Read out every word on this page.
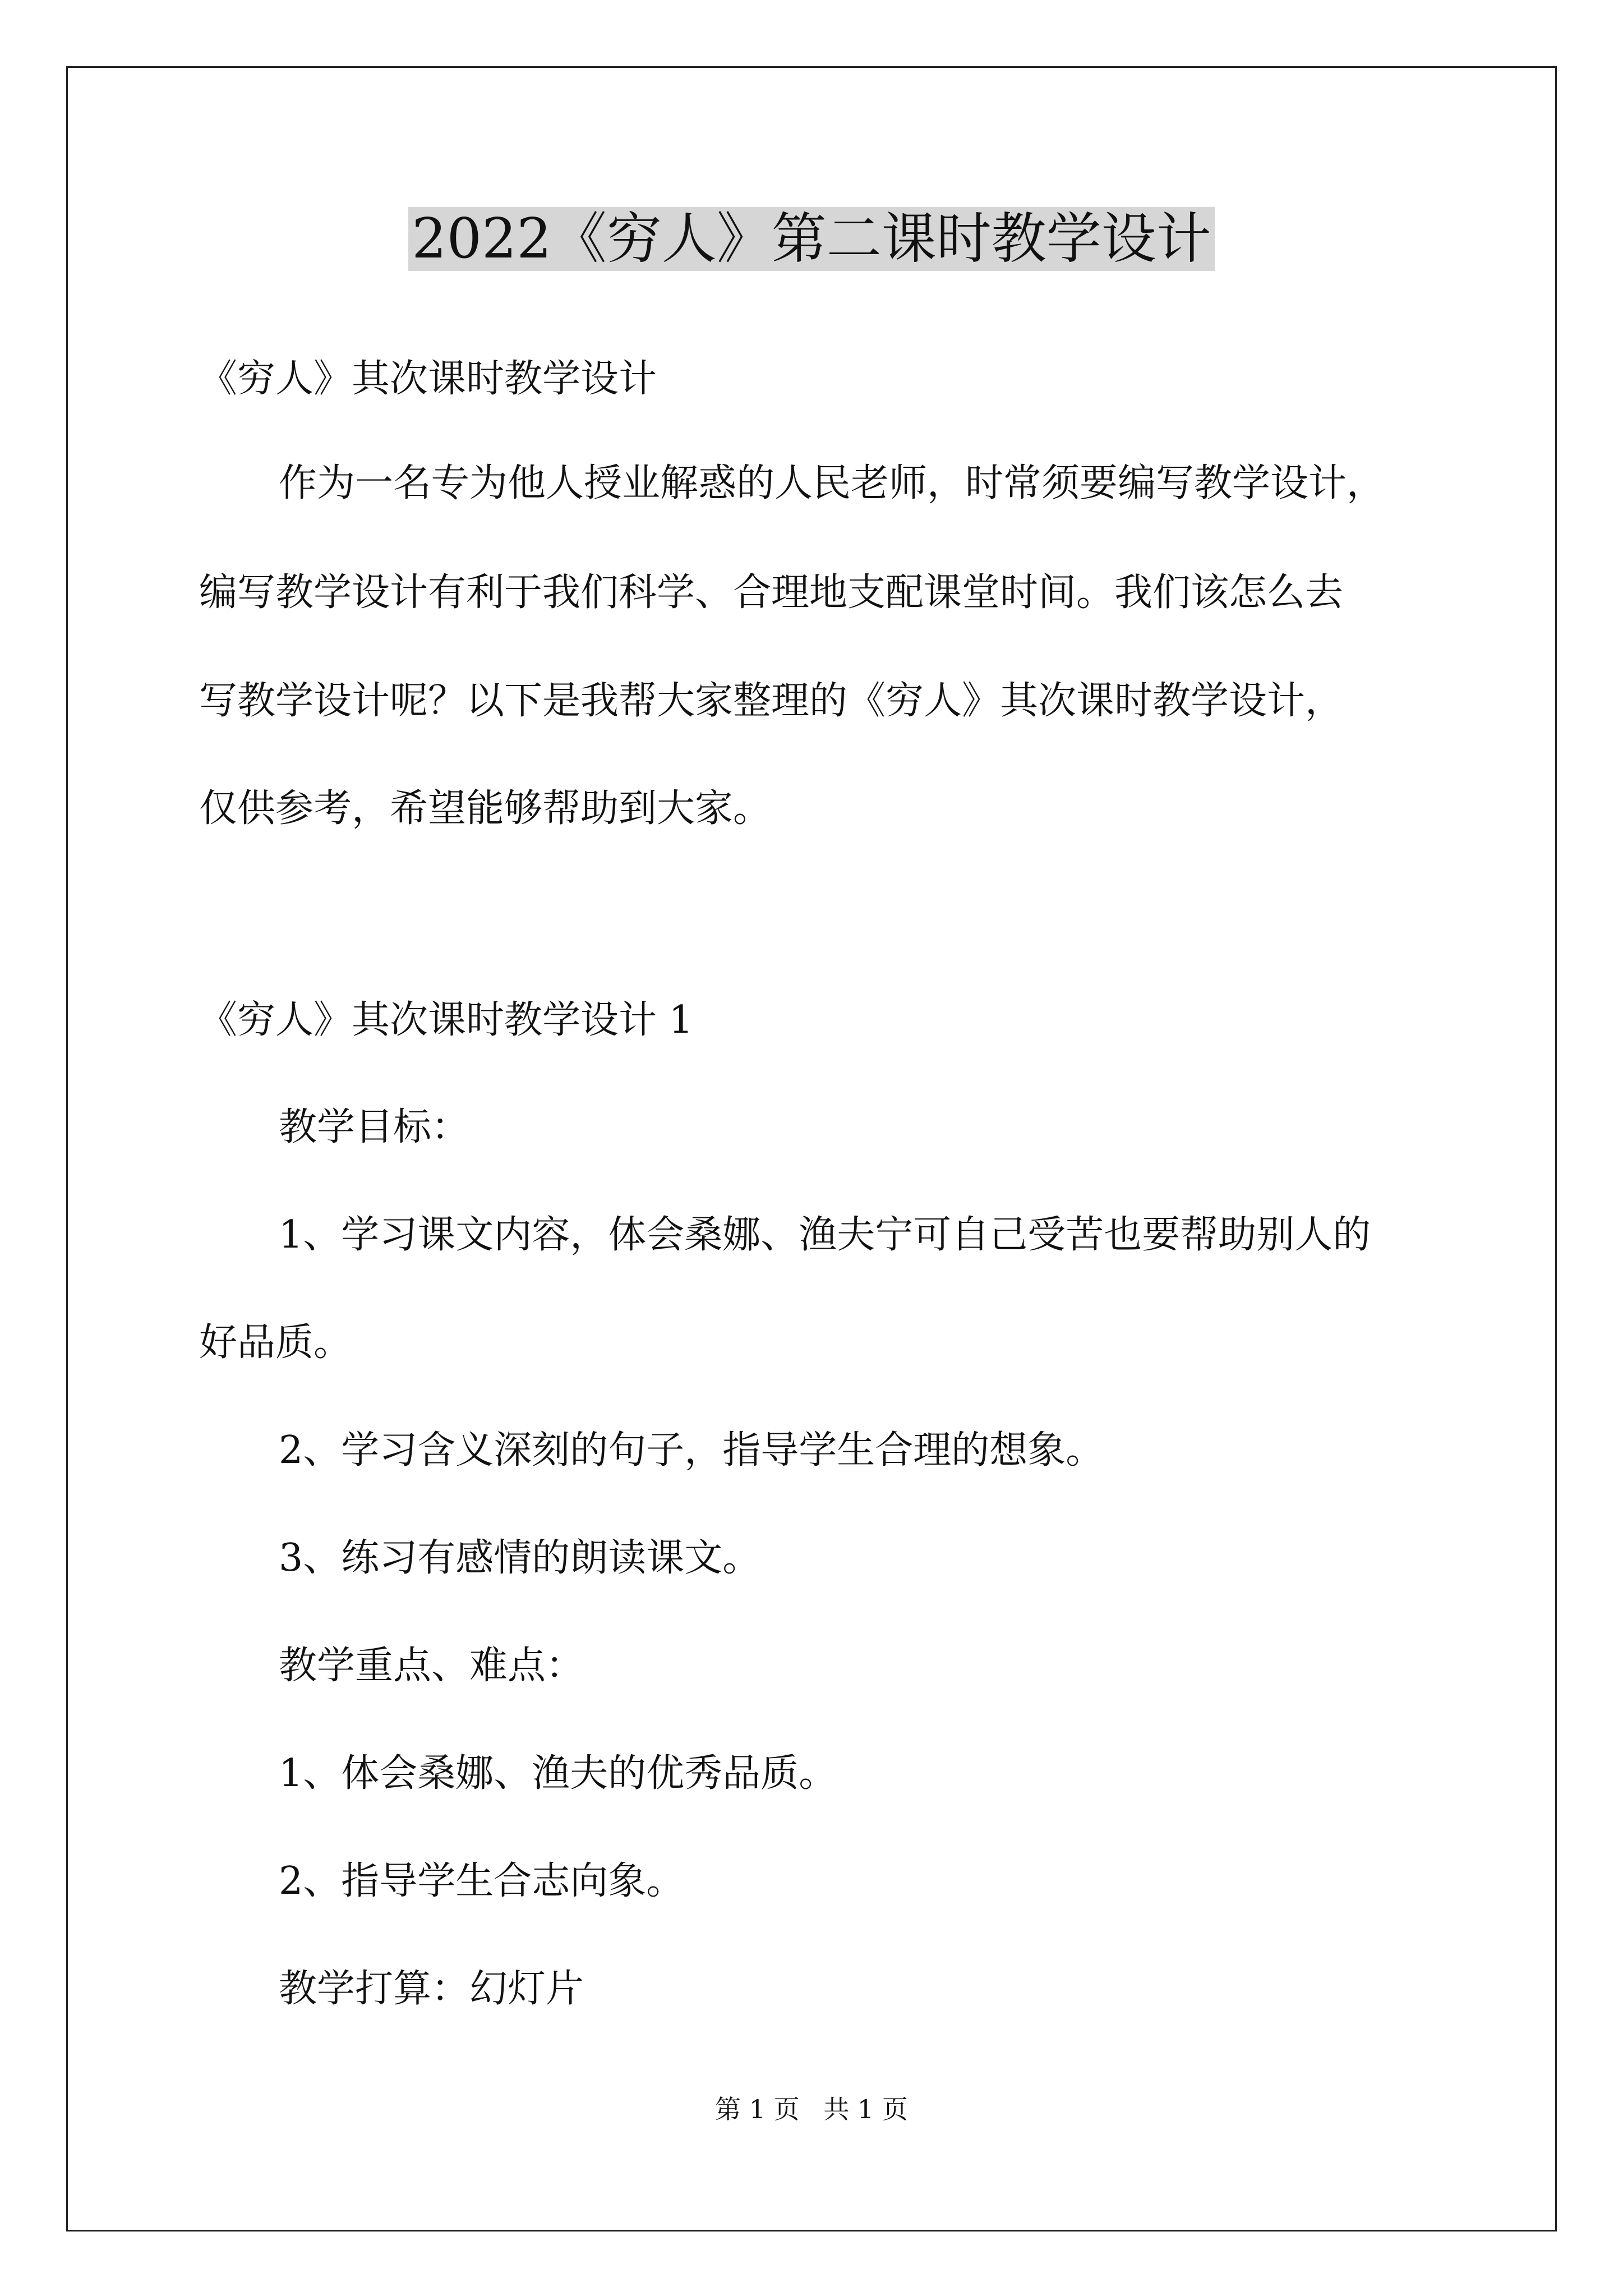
2022《穷人》第二课时教学设计
《穷人》其次课时教学设计
作为一名专为他人授业解惑的人民老师，时常须要编写教学设计，
编写教学设计有利于我们科学、合理地支配课堂时间。我们该怎么去
写教学设计呢？以下是我帮大家整理的《穷人》其次课时教学设计，
仅供参考，希望能够帮助到大家。
《穷人》其次课时教学设计 1
教学目标：
1、学习课文内容，体会桑娜、渔夫宁可自己受苦也要帮助别人的
好品质。
2、学习含义深刻的句子，指导学生合理的想象。
3、练习有感情的朗读课文。
教学重点、难点：
1、体会桑娜、渔夫的优秀品质。
2、指导学生合志向象。
教学打算：幻灯片
第 1 页 共 1 页
